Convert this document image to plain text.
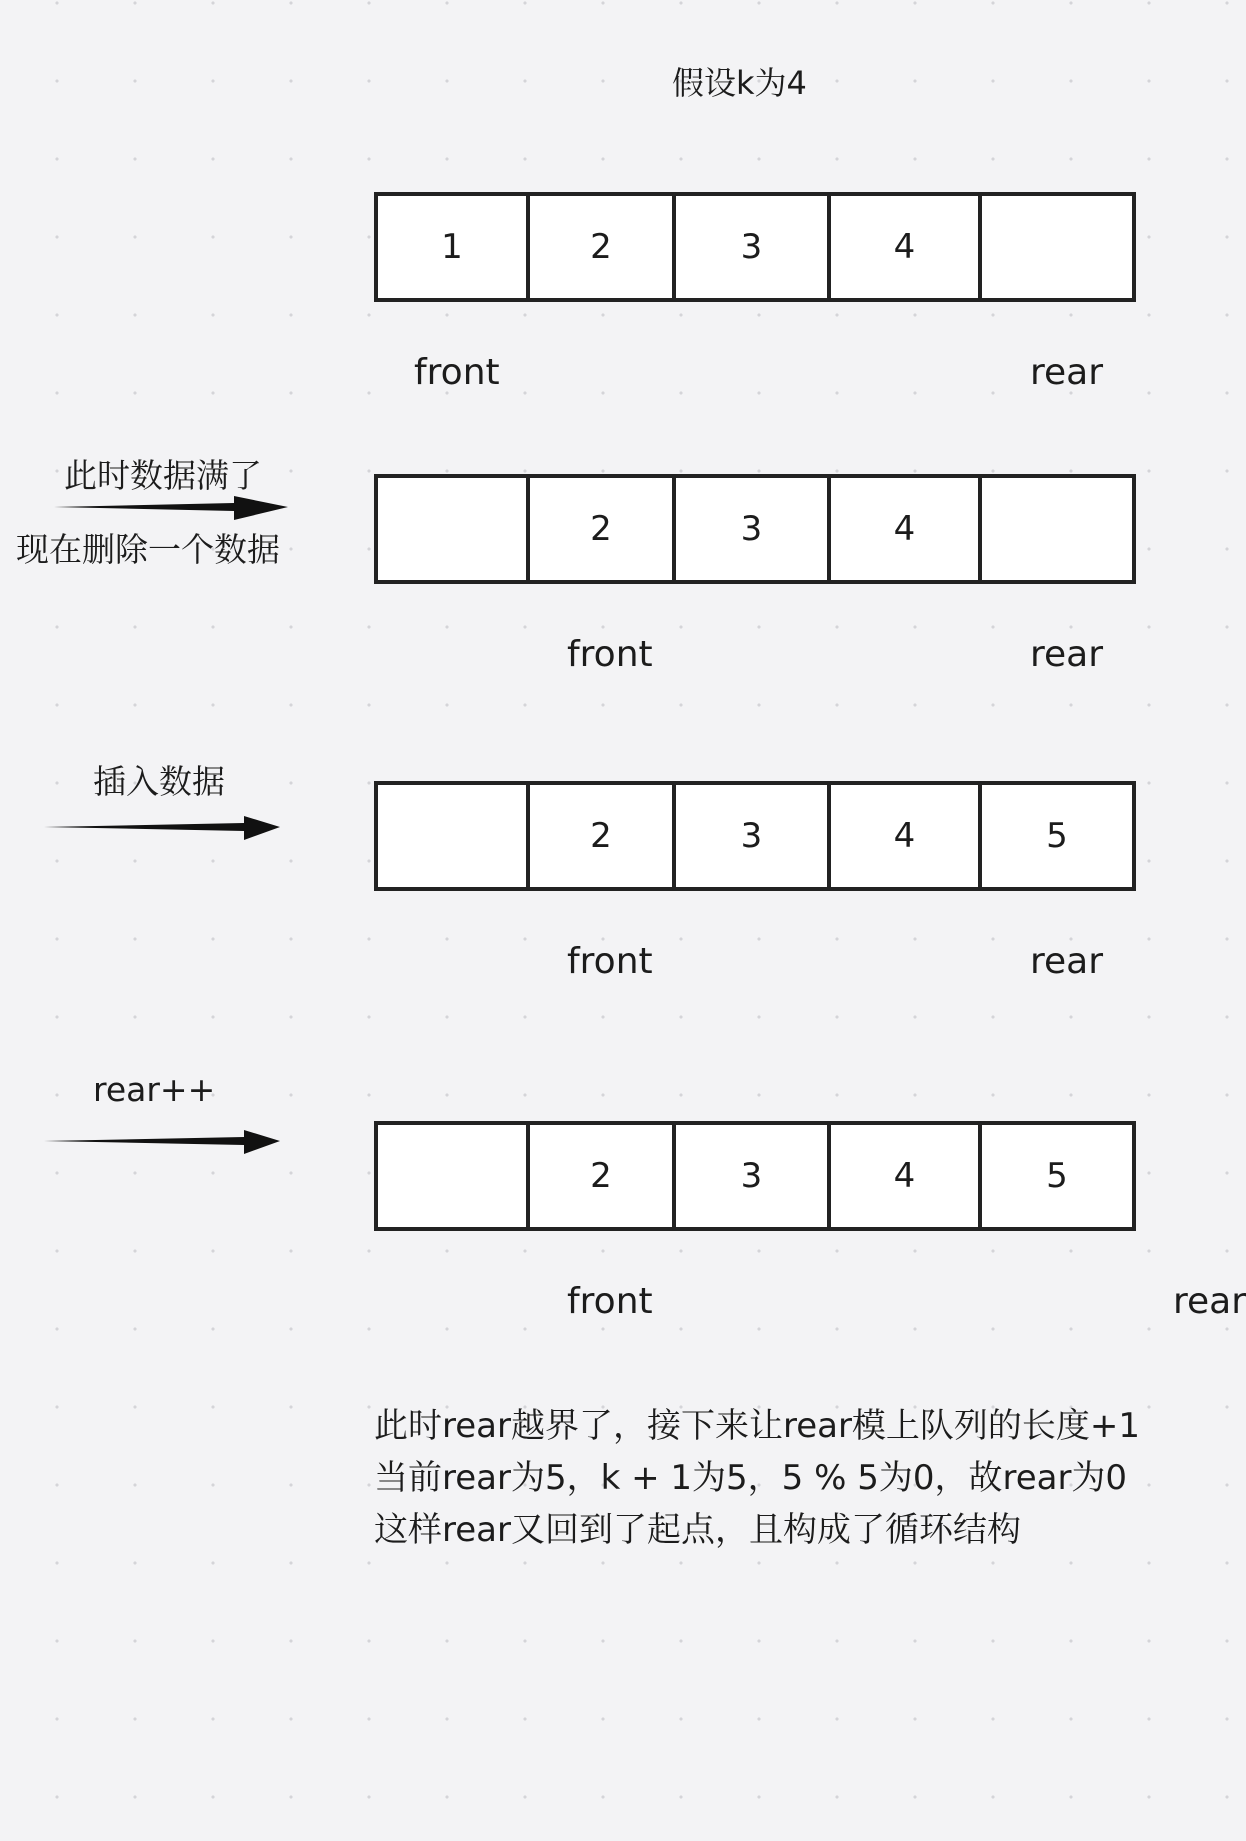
假设k为4
1	2	3	4
front	rear
此时数据满了
现在删除一个数据
2	3	4
front	rear
插入数据
2	3	4	5
front	rear
rear++
2	3	4	5
front	rear
此时rear越界了，接下来让rear模上队列的长度+1
当前rear为5，k + 1为5，5 % 5为0，故rear为0
这样rear又回到了起点，且构成了循环结构
